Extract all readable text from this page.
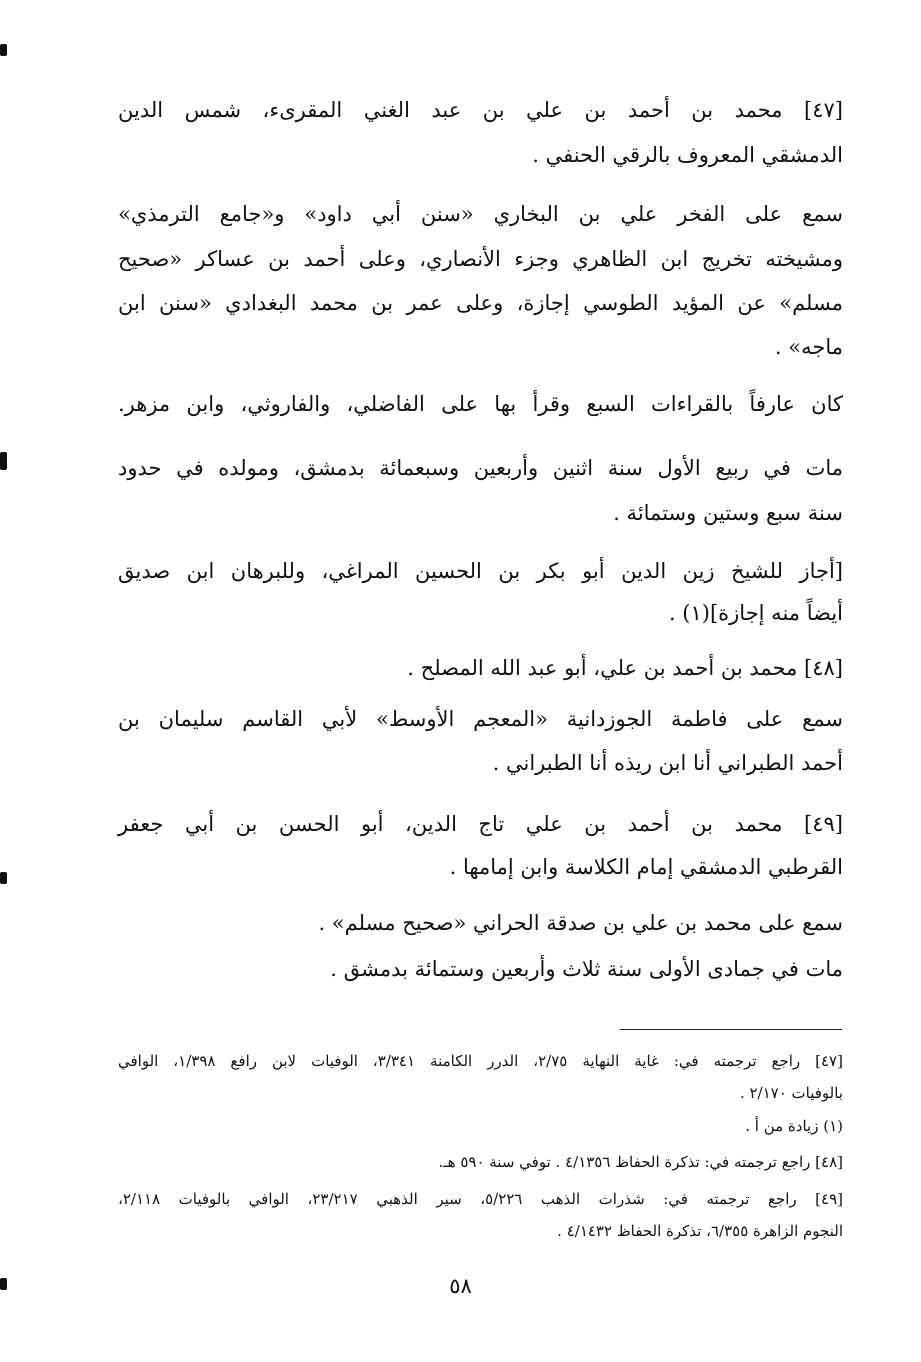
[٤٧] محمد بن أحمد بن علي بن عبد الغني المقرىء، شمس الدين
الدمشقي المعروف بالرقي الحنفي .
سمع على الفخر علي بن البخاري «سنن أبي داود» و«جامع الترمذي»
ومشيخته تخريج ابن الظاهري وجزء الأنصاري، وعلى أحمد بن عساكر «صحيح
مسلم» عن المؤيد الطوسي إجازة، وعلى عمر بن محمد البغدادي «سنن ابن
ماجه» .
كان عارفاً بالقراءات السبع وقرأ بها على الفاضلي، والفاروثي، وابن مزهر.
مات في ربيع الأول سنة اثنين وأربعين وسبعمائة بدمشق، ومولده في حدود
سنة سبع وستين وستمائة .
[أجاز للشيخ زين الدين أبو بكر بن الحسين المراغي، وللبرهان ابن صديق
أيضاً منه إجازة](١) .
[٤٨] محمد بن أحمد بن علي، أبو عبد الله المصلح .
سمع على فاطمة الجوزدانية «المعجم الأوسط» لأبي القاسم سليمان بن
أحمد الطبراني أنا ابن ريذه أنا الطبراني .
[٤٩] محمد بن أحمد بن علي تاج الدين، أبو الحسن بن أبي جعفر
القرطبي الدمشقي إمام الكلاسة وابن إمامها .
سمع على محمد بن علي بن صدقة الحراني «صحيح مسلم» .
مات في جمادى الأولى سنة ثلاث وأربعين وستمائة بدمشق .
[٤٧] راجع ترجمته في: غاية النهاية ٢/٧٥، الدرر الكامنة ٣/٣٤١، الوفيات لابن رافع ١/٣٩٨، الوافي
بالوفيات ٢/١٧٠ .
(١) زيادة من أ .
[٤٨] راجع ترجمته في: تذكرة الحفاظ ٤/١٣٥٦ . توفي سنة ٥٩٠ هـ.
[٤٩] راجع ترجمته في: شذرات الذهب ٥/٢٢٦، سير الذهبي ٢٣/٢١٧، الوافي بالوفيات ٢/١١٨،
النجوم الزاهرة ٦/٣٥٥، تذكرة الحفاظ ٤/١٤٣٢ .
٥٨
